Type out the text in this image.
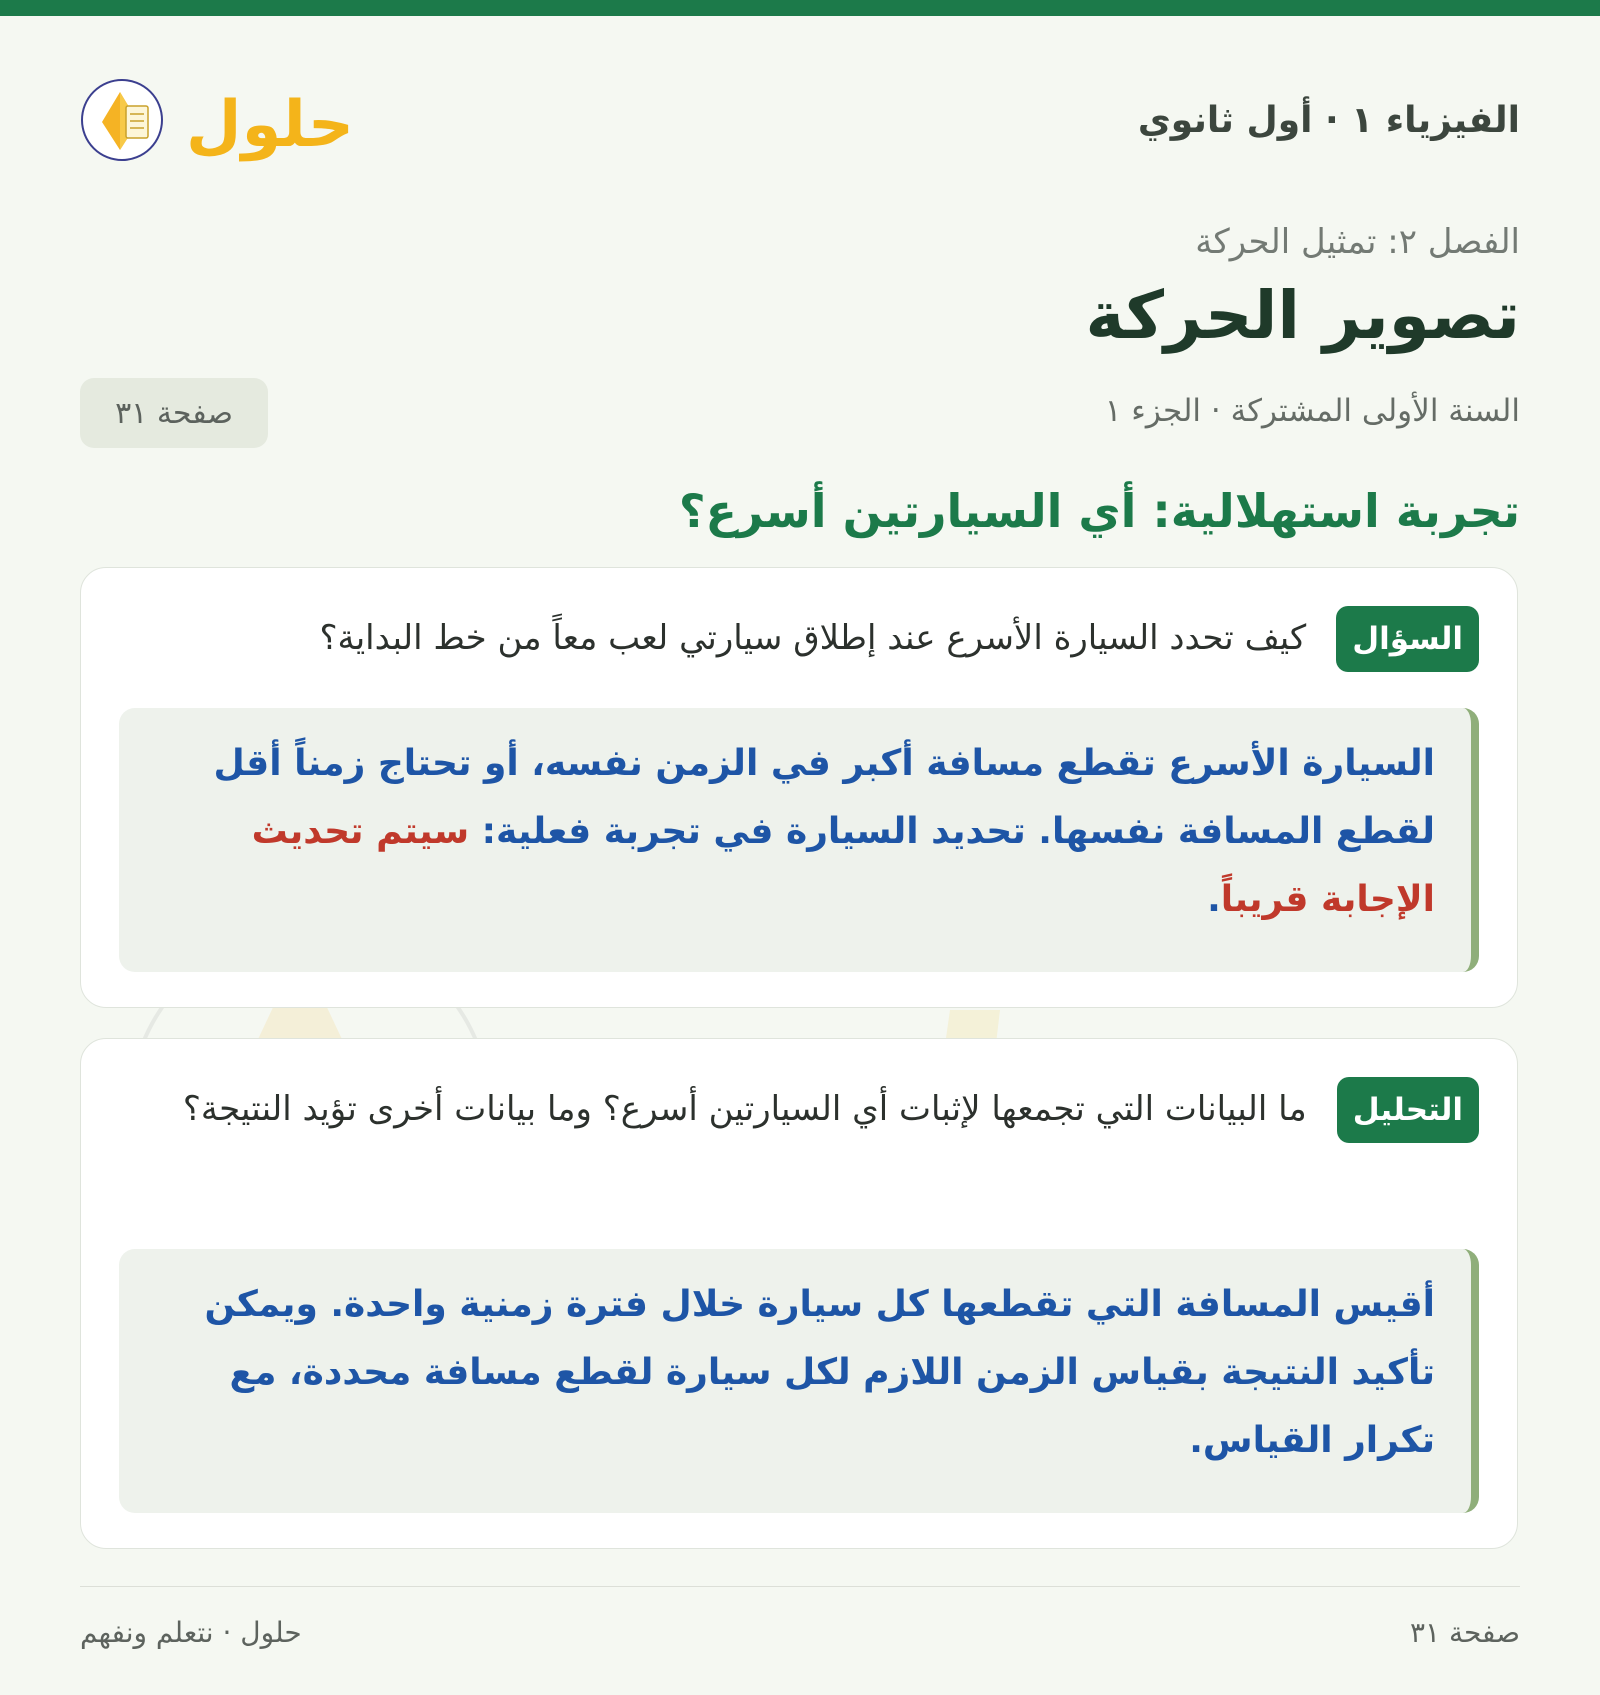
الفيزياء ١ · أول ثانوي
حلول
الفصل ٢: تمثيل الحركة
تصوير الحركة
السنة الأولى المشتركة · الجزء ١
صفحة ٣١
تجربة استهلالية: أي السيارتين أسرع؟
السؤال
كيف تحدد السيارة الأسرع عند إطلاق سيارتي لعب معاً من خط البداية؟
السيارة الأسرع تقطع مسافة أكبر في الزمن نفسه، أو تحتاج زمناً أقل لقطع المسافة نفسها. تحديد السيارة في تجربة فعلية: سيتم تحديث الإجابة قريباً.
التحليل
ما البيانات التي تجمعها لإثبات أي السيارتين أسرع؟ وما بيانات أخرى تؤيد النتيجة؟
أقيس المسافة التي تقطعها كل سيارة خلال فترة زمنية واحدة. ويمكن تأكيد النتيجة بقياس الزمن اللازم لكل سيارة لقطع مسافة محددة، مع تكرار القياس.
صفحة ٣١
حلول · نتعلم ونفهم
